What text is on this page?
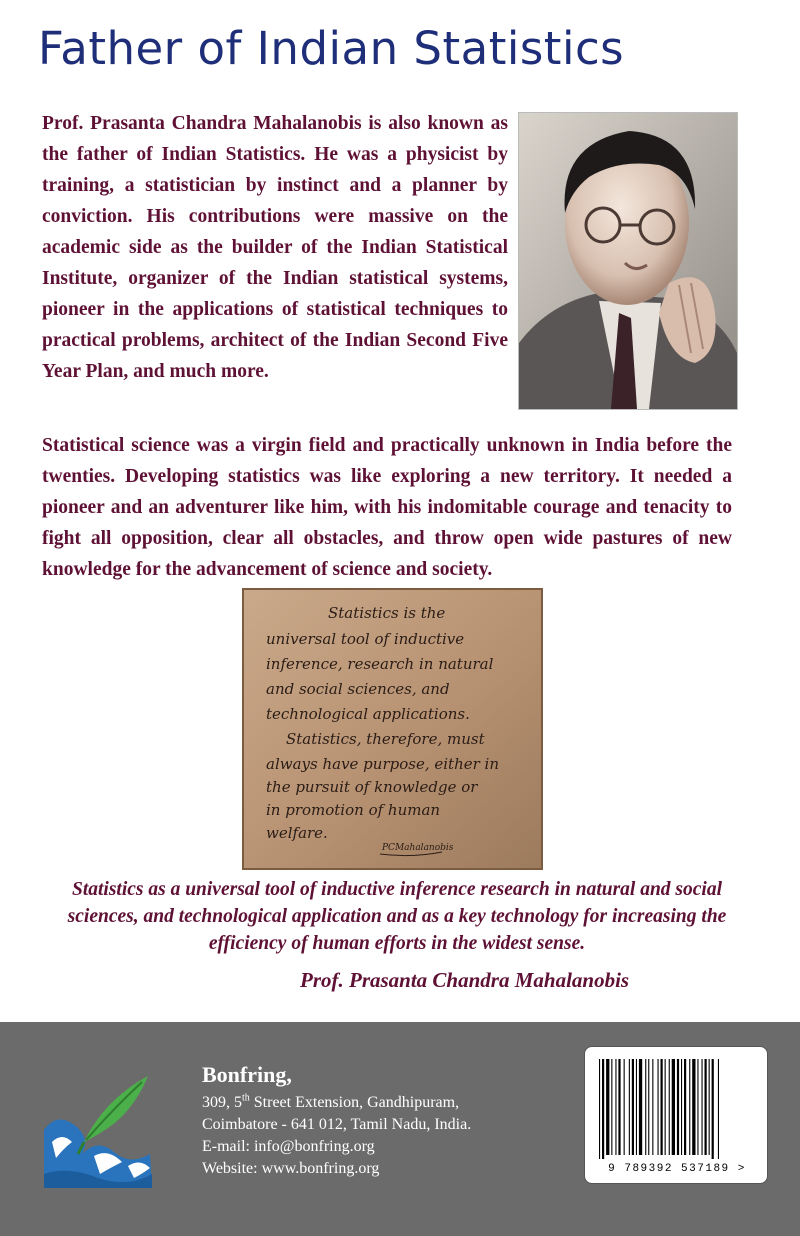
Father of Indian Statistics

Prof. Prasanta Chandra Mahalanobis is also known as the father of Indian Statistics. He was a physicist by training, a statistician by instinct and a planner by conviction. His contributions were massive on the academic side as the builder of the Indian Statistical Institute, organizer of the Indian statistical systems, pioneer in the applications of statistical techniques to practical problems, architect of the Indian Second Five Year Plan, and much more.

Statistical science was a virgin field and practically unknown in India before the twenties. Developing statistics was like exploring a new territory. It needed a pioneer and an adventurer like him, with his indomitable courage and tenacity to fight all opposition, clear all obstacles, and throw open wide pastures of new knowledge for the advancement of science and society.

Statistics is the
universal tool of inductive
inference, research in natural
and social sciences, and
technological applications.
Statistics, therefore, must
always have purpose, either in
the pursuit of knowledge or
in promotion of human
welfare.
PCMahalanobis

Statistics as a universal tool of inductive inference research in natural and social sciences, and technological application and as a key technology for increasing the efficiency of human efforts in the widest sense.

Prof. Prasanta Chandra Mahalanobis
Bonfring,
309, 5th Street Extension, Gandhipuram,
Coimbatore - 641 012, Tamil Nadu, India.
E-mail: info@bonfring.org
Website: www.bonfring.org	9 789392 537189 >
